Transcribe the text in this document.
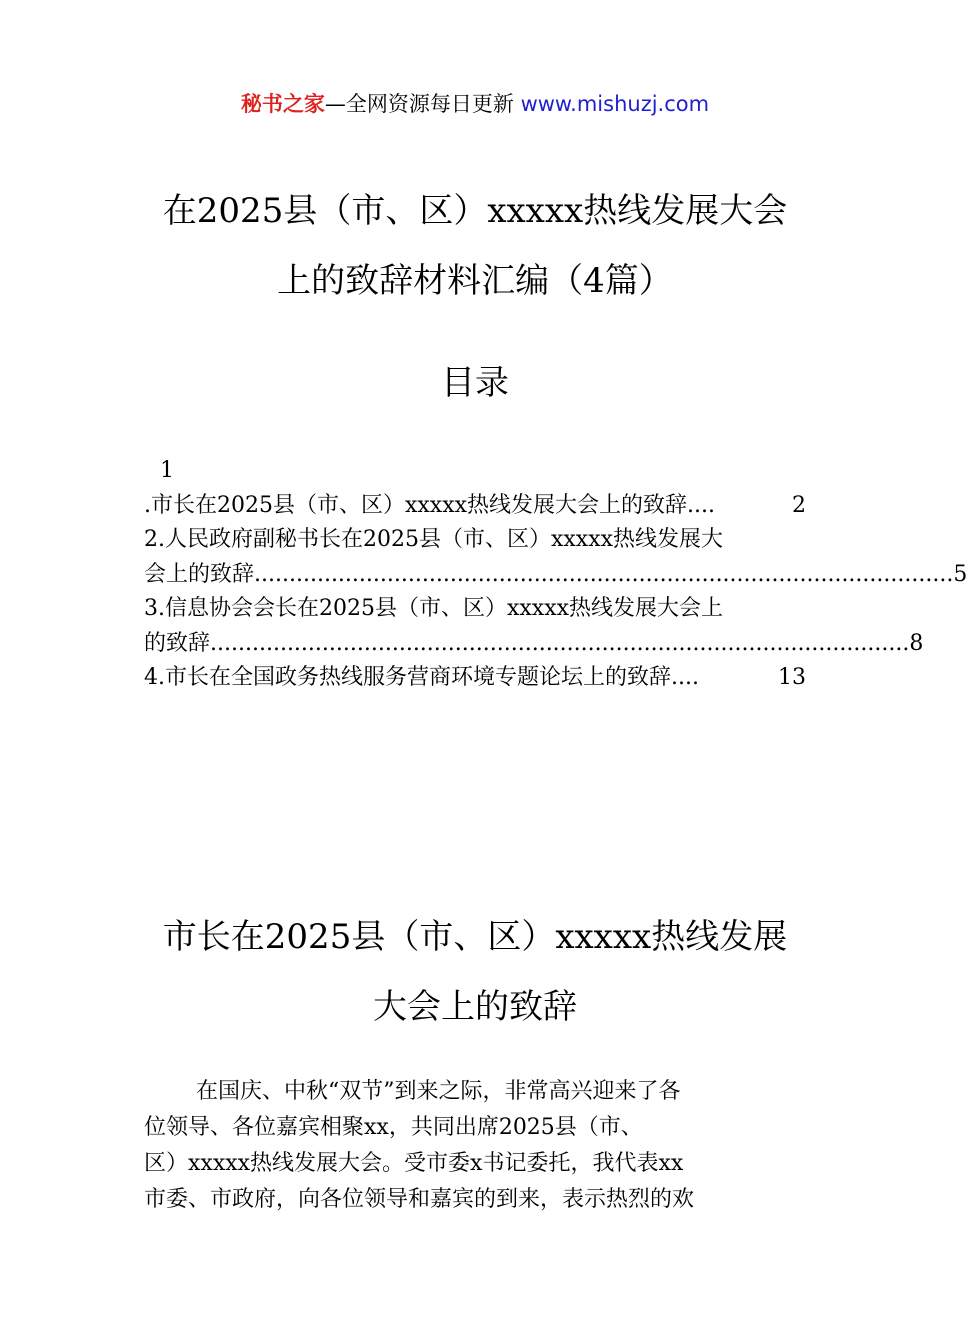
秘书之家—全网资源每日更新 www.mishuzj.com
在2025县（市、区）xxxxx热线发展大会
上的致辞材料汇编（4篇）
目录
1
.市长在2025县（市、区）xxxxx热线发展大会上的致辞 ....	2
2.人民政府副秘书长在2025县（市、区）xxxxx热线发展大
会上的致辞 .................................................................................................... 5
3.信息协会会长在2025县（市、区）xxxxx热线发展大会上
的致辞 .................................................................................................... 8
4.市长在全国政务热线服务营商环境专题论坛上的致辞 ....	13
市长在2025县（市、区）xxxxx热线发展
大会上的致辞
在国庆、中秋“双节”到来之际，非常高兴迎来了各
位领导、各位嘉宾相聚xx，共同出席2025县（市、
区）xxxxx热线发展大会。受市委x书记委托，我代表xx
市委、市政府，向各位领导和嘉宾的到来，表示热烈的欢
